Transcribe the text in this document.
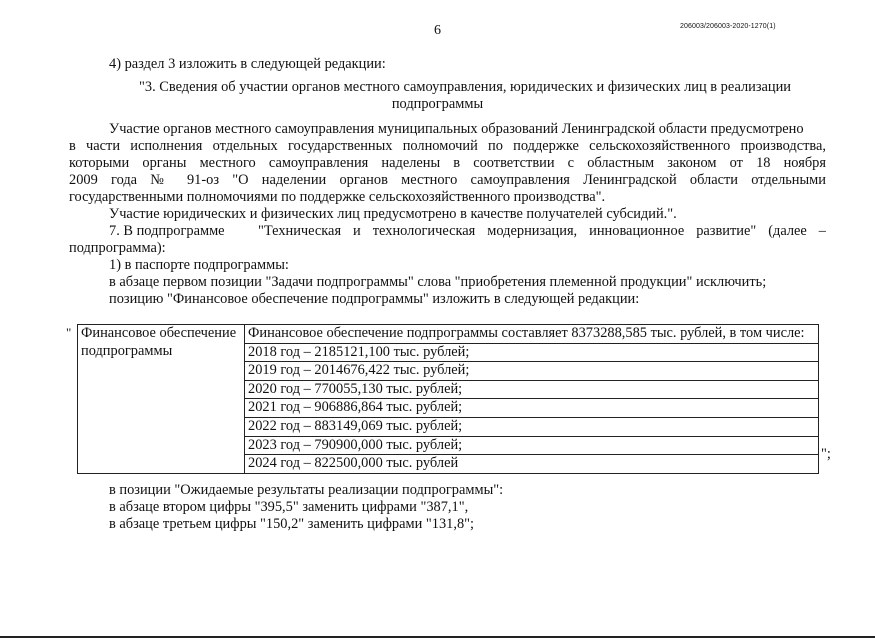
6	206003/206003-2020-1270(1)
4) раздел 3 изложить в следующей редакции:
"3. Сведения об участии органов местного самоуправления, юридических и физических лиц в реализации
подпрограммы
Участие органов местного самоуправления муниципальных образований Ленинградской области предусмотрено
в части исполнения отдельных государственных полномочий по поддержке сельскохозяйственного производства,
которыми органы местного самоуправления наделены в соответствии с областным законом от 18 ноября
2009 года № 91-оз "О наделении органов местного самоуправления Ленинградской области отдельными
государственными полномочиями по поддержке сельскохозяйственного производства".
Участие юридических и физических лиц предусмотрено в качестве получателей субсидий.".
7. В подпрограмме "Техническая и технологическая модернизация, инновационное развитие" (далее –
подпрограмма):
1) в паспорте подпрограммы:
в абзаце первом позиции "Задачи подпрограммы" слова "приобретения племенной продукции" исключить;
позицию "Финансовое обеспечение подпрограммы" изложить в следующей редакции:
" Финансовое обеспечение
подпрограммы

Финансовое обеспечение подпрограммы составляет 8373288,585 тыс. рублей, в том числе:
2018 год – 2185121,100 тыс. рублей;
2019 год – 2014676,422 тыс. рублей;
2020 год – 770055,130 тыс. рублей;
2021 год – 906886,864 тыс. рублей;
2022 год – 883149,069 тыс. рублей;
2023 год – 790900,000 тыс. рублей;
2024 год – 822500,000 тыс. рублей
";
в позиции "Ожидаемые результаты реализации подпрограммы":
в абзаце втором цифры "395,5" заменить цифрами "387,1",
в абзаце третьем цифры "150,2" заменить цифрами "131,8";
